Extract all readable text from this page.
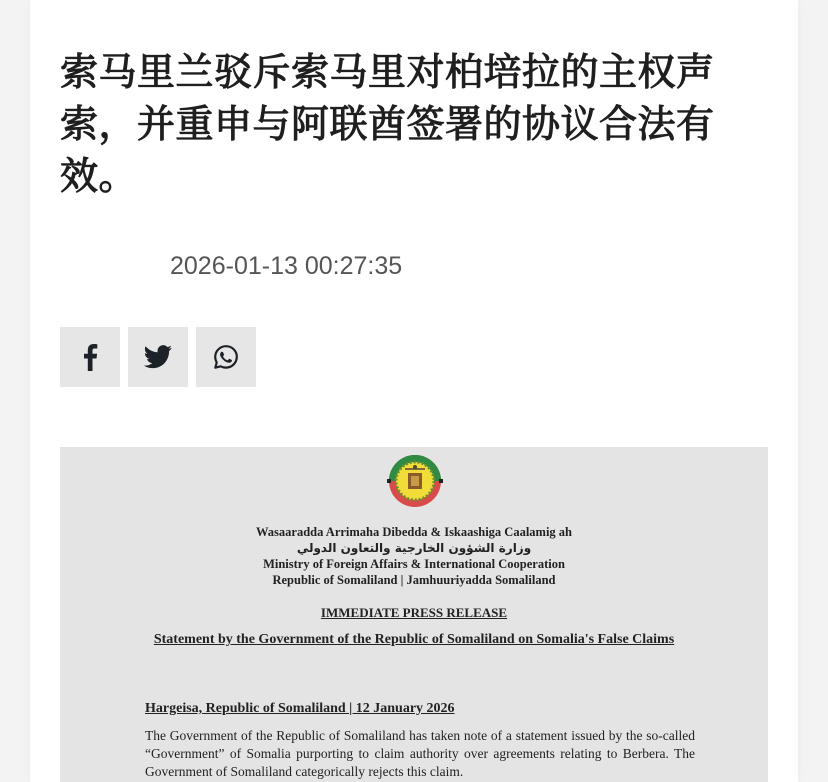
索马里兰驳斥索马里对柏培拉的主权声索，并重申与阿联酋签署的协议合法有效。
2026-01-13 00:27:35
Wasaaradda Arrimaha Dibedda & Iskaashiga Caalamig ah
وزارة الشؤون الخارجية والتعاون الدولي
Ministry of Foreign Affairs & International Cooperation
Republic of Somaliland | Jamhuuriyadda Somaliland
IMMEDIATE PRESS RELEASE
Statement by the Government of the Republic of Somaliland on Somalia's False Claims
Hargeisa, Republic of Somaliland | 12 January 2026
The Government of the Republic of Somaliland has taken note of a statement issued by the so-called “Government” of Somalia purporting to claim authority over agreements relating to Berbera. The Government of Somaliland categorically rejects this claim.
